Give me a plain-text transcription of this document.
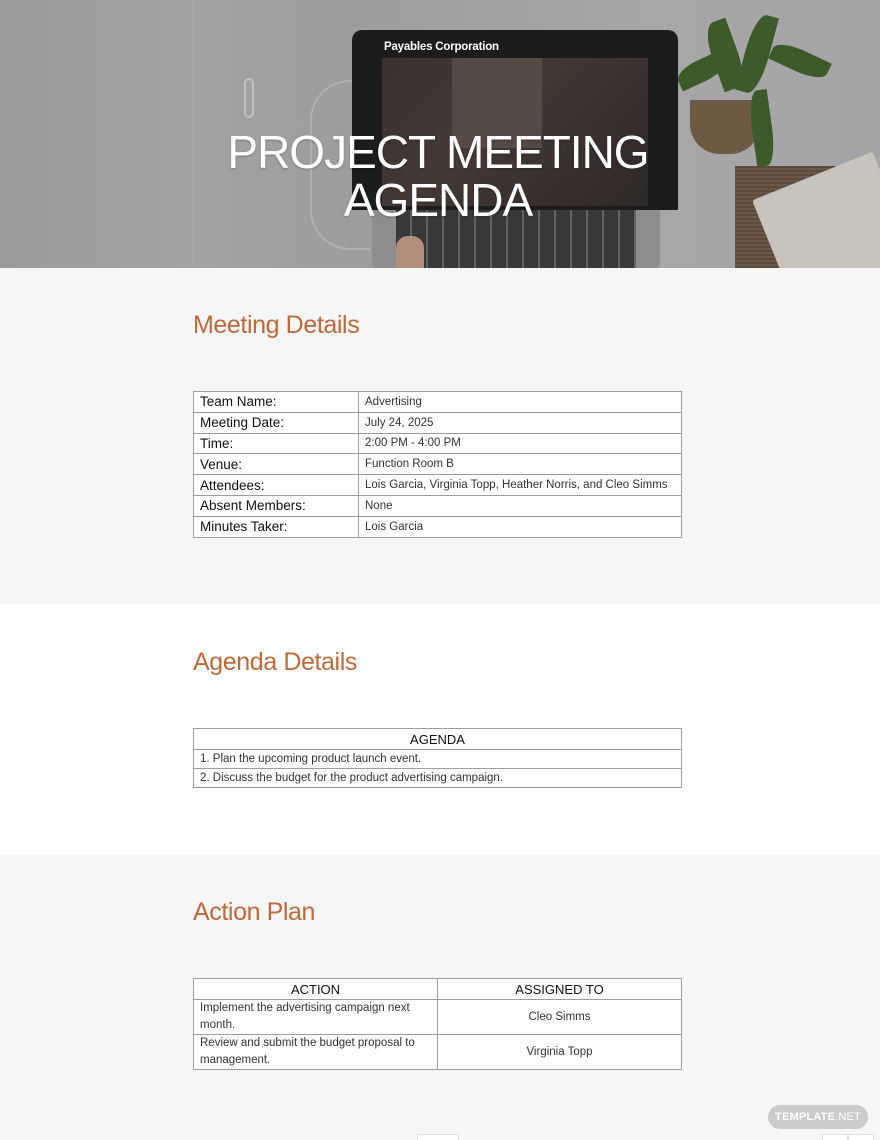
Payables Corporation
PROJECT MEETING AGENDA
Meeting Details
Team Name:	Advertising
Meeting Date:	July 24, 2025
Time:	2:00 PM - 4:00 PM
Venue:	Function Room B
Attendees:	Lois Garcia, Virginia Topp, Heather Norris, and Cleo Simms
Absent Members:	None
Minutes Taker:	Lois Garcia
Agenda Details
AGENDA
1. Plan the upcoming product launch event.
2. Discuss the budget for the product advertising campaign.
Action Plan
ACTION	ASSIGNED TO
Implement the advertising campaign next month.	Cleo Simms
Review and submit the budget proposal to management.	Virginia Topp
TEMPLATE.NET
